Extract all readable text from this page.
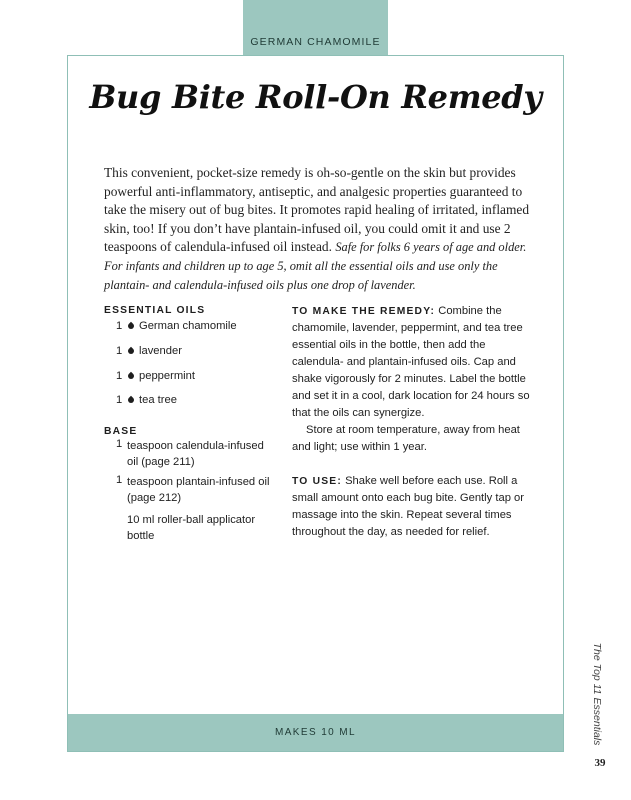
GERMAN CHAMOMILE
Bug Bite Roll-On Remedy

This convenient, pocket-size remedy is oh-so-gentle on the skin but provides powerful anti-inflammatory, antiseptic, and analgesic properties guaranteed to take the misery out of bug bites. It promotes rapid healing of irritated, inflamed skin, too! If you don’t have plantain-infused oil, you could omit it and use 2 teaspoons of calendula-infused oil instead. Safe for folks 6 years of age and older. For infants and children up to age 5, omit all the essential oils and use only the plantain- and calendula-infused oils plus one drop of lavender.

ESSENTIAL OILS
1 German chamomile
1 lavender
1 peppermint
1 tea tree
BASE
1 teaspoon calendula-infused oil (page 211)
1 teaspoon plantain-infused oil (page 212)
10 ml roller-ball applicator bottle

TO MAKE THE REMEDY: Combine the chamomile, lavender, peppermint, and tea tree essential oils in the bottle, then add the calendula- and plantain-infused oils. Cap and shake vigorously for 2 minutes. Label the bottle and set it in a cool, dark location for 24 hours so that the oils can synergize.

Store at room temperature, away from heat and light; use within 1 year.

TO USE: Shake well before each use. Roll a small amount onto each bug bite. Gently tap or massage into the skin. Repeat several times throughout the day, as needed for relief.

MAKES 10 ML	The Top 11 Essentials
39
